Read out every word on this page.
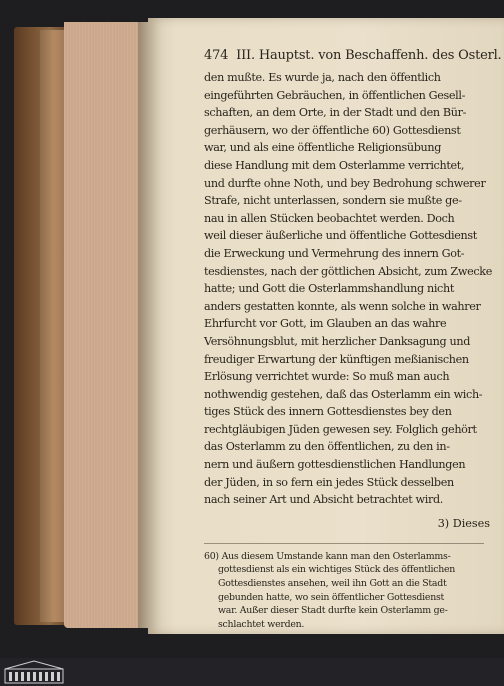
474 III. Hauptst. von Beschaffenh. des Osterl.
den mußte. Es wurde ja, nach den öffentlich
eingeführten Gebräuchen, in öffentlichen Gesell-
schaften, an dem Orte, in der Stadt und den Bür-
gerhäusern, wo der öffentliche 60) Gottesdienst
war, und als eine öffentliche Religionsübung
diese Handlung mit dem Osterlamme verrichtet,
und durfte ohne Noth, und bey Bedrohung schwerer
Strafe, nicht unterlassen, sondern sie mußte ge-
nau in allen Stücken beobachtet werden. Doch
weil dieser äußerliche und öffentliche Gottesdienst
die Erweckung und Vermehrung des innern Got-
tesdienstes, nach der göttlichen Absicht, zum Zwecke
hatte; und Gott die Osterlammshandlung nicht
anders gestatten konnte, als wenn solche in wahrer
Ehrfurcht vor Gott, im Glauben an das wahre
Versöhnungsblut, mit herzlicher Danksagung und
freudiger Erwartung der künftigen meßianischen
Erlösung verrichtet wurde: So muß man auch
nothwendig gestehen, daß das Osterlamm ein wich-
tiges Stück des innern Gottesdienstes bey den
rechtgläubigen Jüden gewesen sey. Folglich gehört
das Osterlamm zu den öffentlichen, zu den in-
nern und äußern gottesdienstlichen Handlungen
der Jüden, in so fern ein jedes Stück desselben
nach seiner Art und Absicht betrachtet wird.
3) Dieses
60) Aus diesem Umstande kann man den Osterlamms-
gottesdienst als ein wichtiges Stück des öffentlichen
Gottesdienstes ansehen, weil ihn Gott an die Stadt
gebunden hatte, wo sein öffentlicher Gottesdienst
war. Außer dieser Stadt durfte kein Osterlamm ge-
schlachtet werden.
